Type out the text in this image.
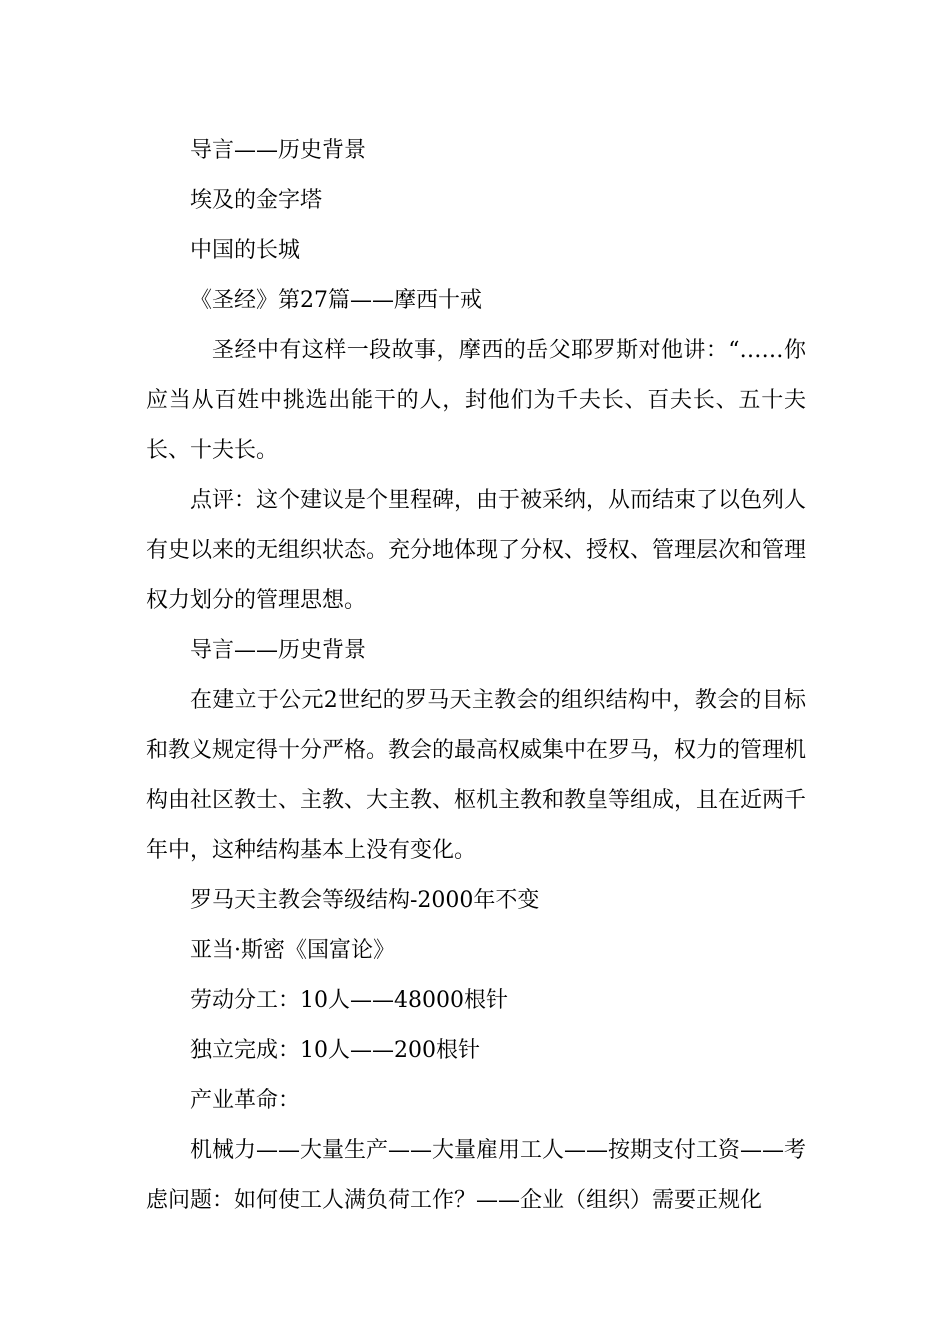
导言——历史背景

埃及的金字塔

中国的长城

《圣经》第27篇——摩西十戒

圣经中有这样一段故事，摩西的岳父耶罗斯对他讲：“……你应当从百姓中挑选出能干的人，封他们为千夫长、百夫长、五十夫长、十夫长。

点评：这个建议是个里程碑，由于被采纳，从而结束了以色列人有史以来的无组织状态。充分地体现了分权、授权、管理层次和管理权力划分的管理思想。

导言——历史背景

在建立于公元2世纪的罗马天主教会的组织结构中，教会的目标和教义规定得十分严格。教会的最高权威集中在罗马，权力的管理机构由社区教士、主教、大主教、枢机主教和教皇等组成，且在近两千年中，这种结构基本上没有变化。

罗马天主教会等级结构-2000年不变

亚当·斯密《国富论》

劳动分工：10人——48000根针

独立完成：10人——200根针

产业革命：

机械力——大量生产——大量雇用工人——按期支付工资——考虑问题：如何使工人满负荷工作？——企业（组织）需要正规化
